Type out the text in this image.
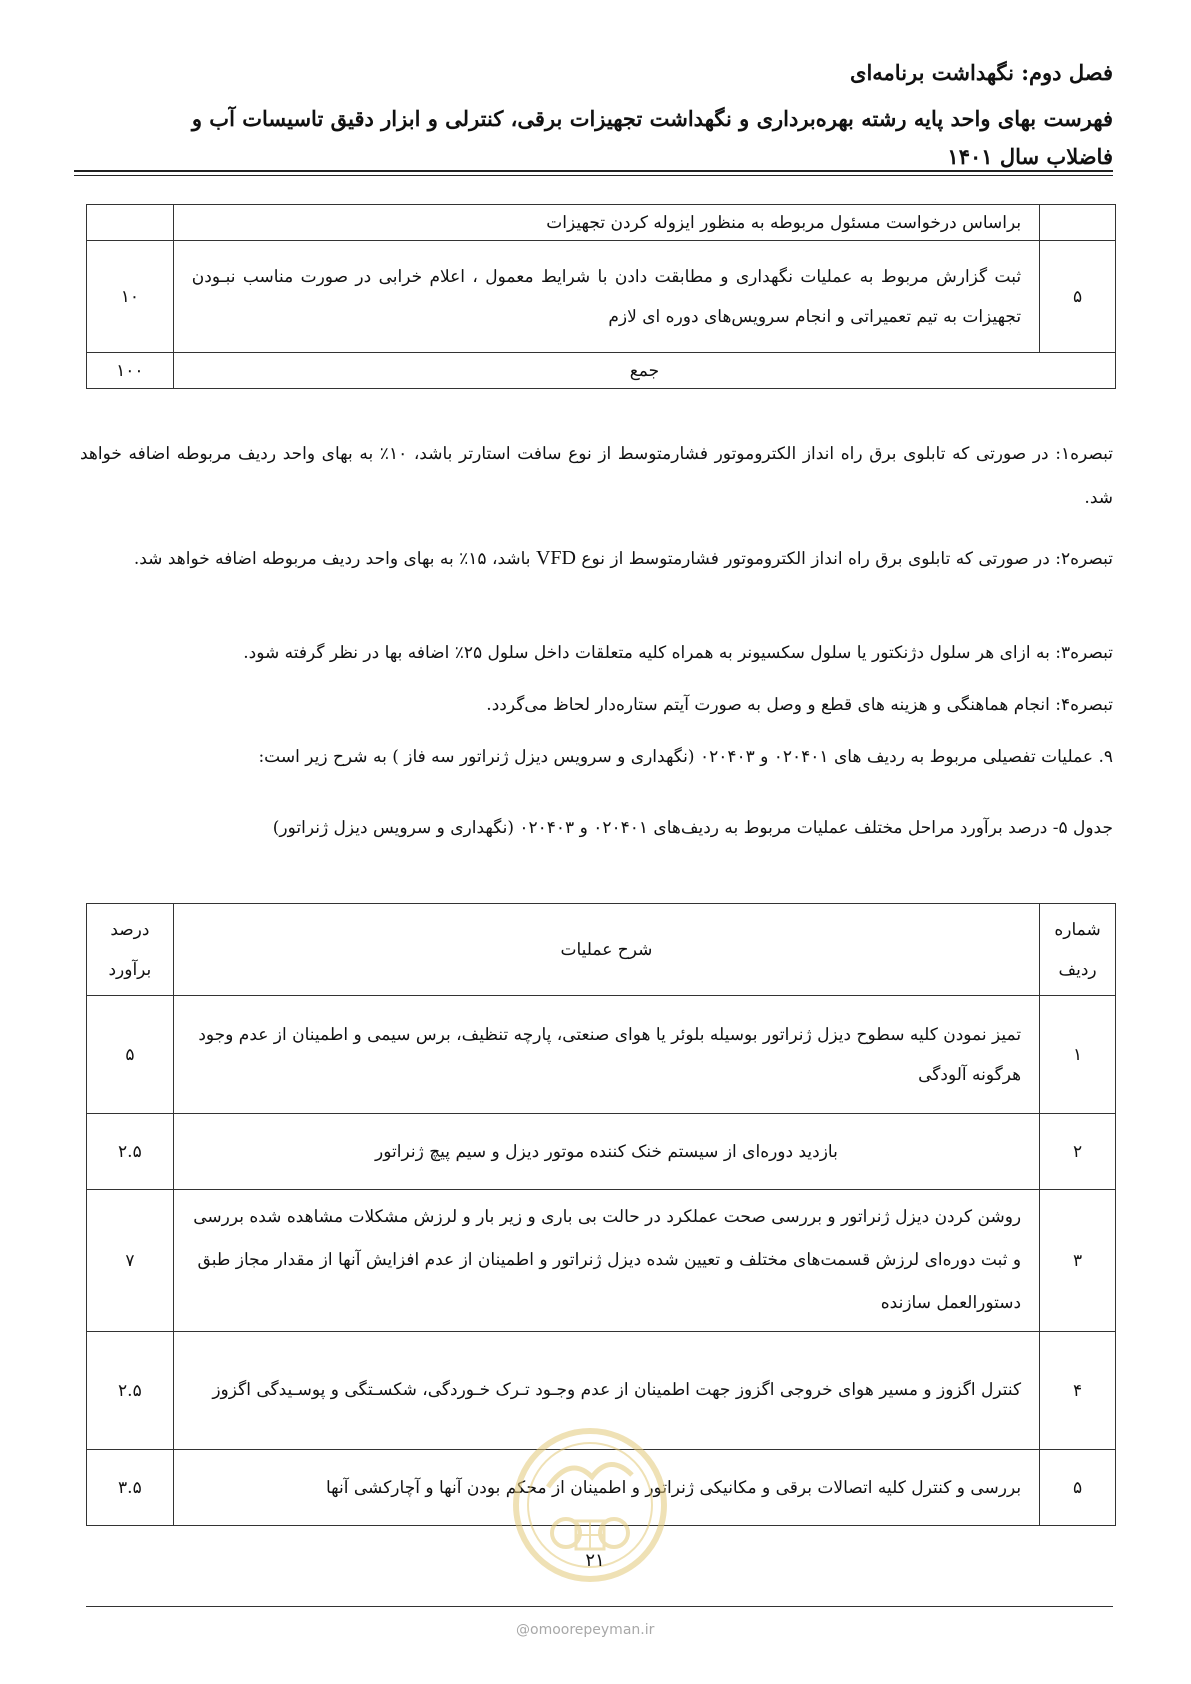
فصل دوم: نگهداشت برنامه‌ای
فهرست بهای واحد پایه رشته بهره‌برداری و نگهداشت تجهیزات برقی، کنترلی و ابزار دقیق تاسیسات آب و فاضلاب سال ۱۴۰۱
	براساس درخواست مسئول مربوطه به منظور ایزوله کردن تجهیزات	
۵	ثبت گزارش مربوط به عملیات نگهداری و مطابقت دادن با شرایط معمول ، اعلام خرابی در صورت مناسب نبـودن تجهیزات به تیم تعمیراتی و انجام سرویس‌های دوره ای لازم	۱۰
جمع		۱۰۰
تبصره۱: در صورتی که تابلوی برق راه انداز الکتروموتور فشارمتوسط از نوع سافت استارتر باشد، ۱۰٪ به بهای واحد ردیف مربوطه اضافه خواهد شد.
تبصره۲: در صورتی که تابلوی برق راه انداز الکتروموتور فشارمتوسط از نوع VFD باشد، ۱۵٪ به بهای واحد ردیف مربوطه اضافه خواهد شد.
تبصره۳: به ازای هر سلول دژنکتور یا سلول سکسیونر به همراه کلیه متعلقات داخل سلول ۲۵٪ اضافه بها در نظر گرفته شود.
تبصره۴: انجام هماهنگی و هزینه های قطع و وصل به صورت آیتم ستاره‌دار لحاظ می‌گردد.
۹. عملیات تفصیلی مربوط به ردیف های ۰۲۰۴۰۱ و ۰۲۰۴۰۳ (نگهداری و سرویس دیزل ژنراتور سه فاز ) به شرح زیر است:
جدول ۵- درصد برآورد مراحل مختلف عملیات مربوط به ردیف‌های ۰۲۰۴۰۱ و ۰۲۰۴۰۳ (نگهداری و سرویس دیزل ژنراتور)
شماره ردیف	شرح عملیات	درصد برآورد
۱	تمیز نمودن کلیه سطوح دیزل ژنراتور بوسیله بلوئر یا هوای صنعتی، پارچه تنظیف، برس سیمی و اطمینان از عدم وجود هرگونه آلودگی	۵
۲	بازدید دوره‌ای از سیستم خنک کننده موتور دیزل و سیم پیچ ژنراتور	۲.۵
۳	روشن کردن دیزل ژنراتور و بررسی صحت عملکرد در حالت بی باری و زیر بار و لرزش مشکلات مشاهده شده بررسی و ثبت دوره‌ای لرزش قسمت‌های مختلف و تعیین شده دیزل ژنراتور و اطمینان از عدم افزایش آنها از مقدار مجاز طبق دستورالعمل سازنده	۷
۴	کنترل اگزوز و مسیر هوای خروجی اگزوز جهت اطمینان از عدم وجـود تـرک خـوردگی، شکسـتگی و پوسـیدگی اگزوز	۲.۵
۵	بررسی و کنترل کلیه اتصالات برقی و مکانیکی ژنراتور و اطمینان از محکم بودن آنها و آچارکشی آنها	۳.۵
۲۱
@omoorepeyman.ir
